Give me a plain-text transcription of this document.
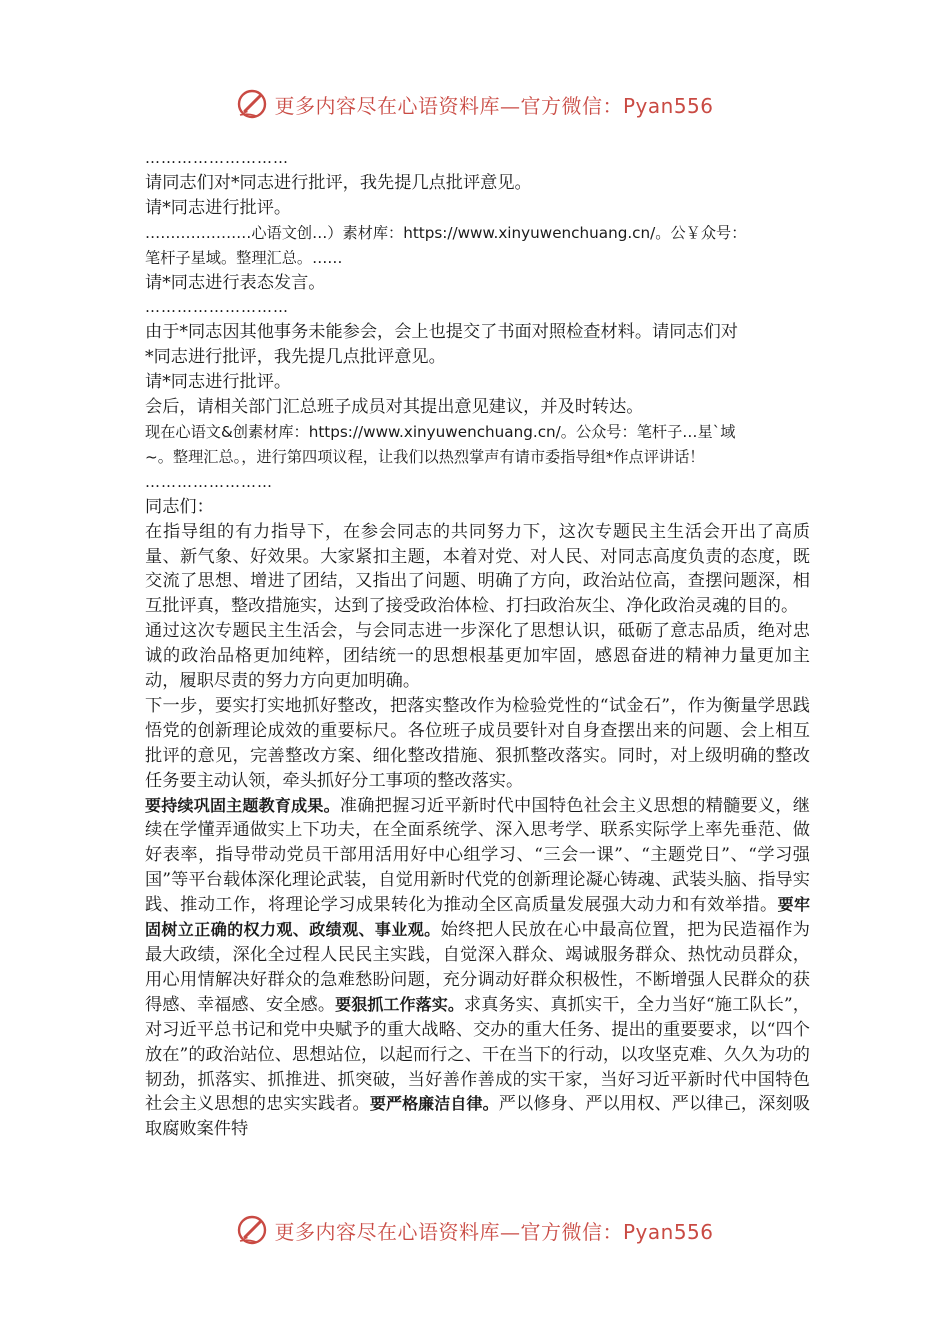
更多内容尽在心语资料库—官方微信：Pyan556
………………………
请同志们对*同志进行批评，我先提几点批评意见。
请*同志进行批评。
…………………心语文创…）素材库：https://www.xinyuwenchuang.cn/。公￥众号：
笔杆子星域。整理汇总。……
请*同志进行表态发言。
………………………
由于*同志因其他事务未能参会，会上也提交了书面对照检查材料。请同志们对
*同志进行批评，我先提几点批评意见。
请*同志进行批评。
会后，请相关部门汇总班子成员对其提出意见建议，并及时转达。
现在心语文&创素材库：https://www.xinyuwenchuang.cn/。公众号：笔杆子…星`域
~。整理汇总。，进行第四项议程，让我们以热烈掌声有请市委指导组*作点评讲话！
……………………
同志们：
在指导组的有力指导下，在参会同志的共同努力下，这次专题民主生活会开出了高质量、新气象、好效果。大家紧扣主题，本着对党、对人民、对同志高度负责的态度，既交流了思想、增进了团结，又指出了问题、明确了方向，政治站位高，查摆问题深，相互批评真，整改措施实，达到了接受政治体检、打扫政治灰尘、净化政治灵魂的目的。
通过这次专题民主生活会，与会同志进一步深化了思想认识，砥砺了意志品质，绝对忠诚的政治品格更加纯粹，团结统一的思想根基更加牢固，感恩奋进的精神力量更加主动，履职尽责的努力方向更加明确。
下一步，要实打实地抓好整改，把落实整改作为检验党性的“试金石”，作为衡量学思践悟党的创新理论成效的重要标尺。各位班子成员要针对自身查摆出来的问题、会上相互批评的意见，完善整改方案、细化整改措施、狠抓整改落实。同时，对上级明确的整改任务要主动认领，牵头抓好分工事项的整改落实。
要持续巩固主题教育成果。准确把握习近平新时代中国特色社会主义思想的精髓要义，继续在学懂弄通做实上下功夫，在全面系统学、深入思考学、联系实际学上率先垂范、做好表率，指导带动党员干部用活用好中心组学习、“三会一课”、“主题党日”、“学习强国”等平台载体深化理论武装，自觉用新时代党的创新理论凝心铸魂、武装头脑、指导实践、推动工作，将理论学习成果转化为推动全区高质量发展强大动力和有效举措。要牢固树立正确的权力观、政绩观、事业观。始终把人民放在心中最高位置，把为民造福作为最大政绩，深化全过程人民民主实践，自觉深入群众、竭诚服务群众、热忱动员群众，用心用情解决好群众的急难愁盼问题，充分调动好群众积极性，不断增强人民群众的获得感、幸福感、安全感。要狠抓工作落实。求真务实、真抓实干，全力当好“施工队长”，对习近平总书记和党中央赋予的重大战略、交办的重大任务、提出的重要要求，以“四个放在”的政治站位、思想站位，以起而行之、干在当下的行动，以攻坚克难、久久为功的韧劲，抓落实、抓推进、抓突破，当好善作善成的实干家，当好习近平新时代中国特色社会主义思想的忠实实践者。要严格廉洁自律。严以修身、严以用权、严以律己，深刻吸取腐败案件特
更多内容尽在心语资料库—官方微信：Pyan556
